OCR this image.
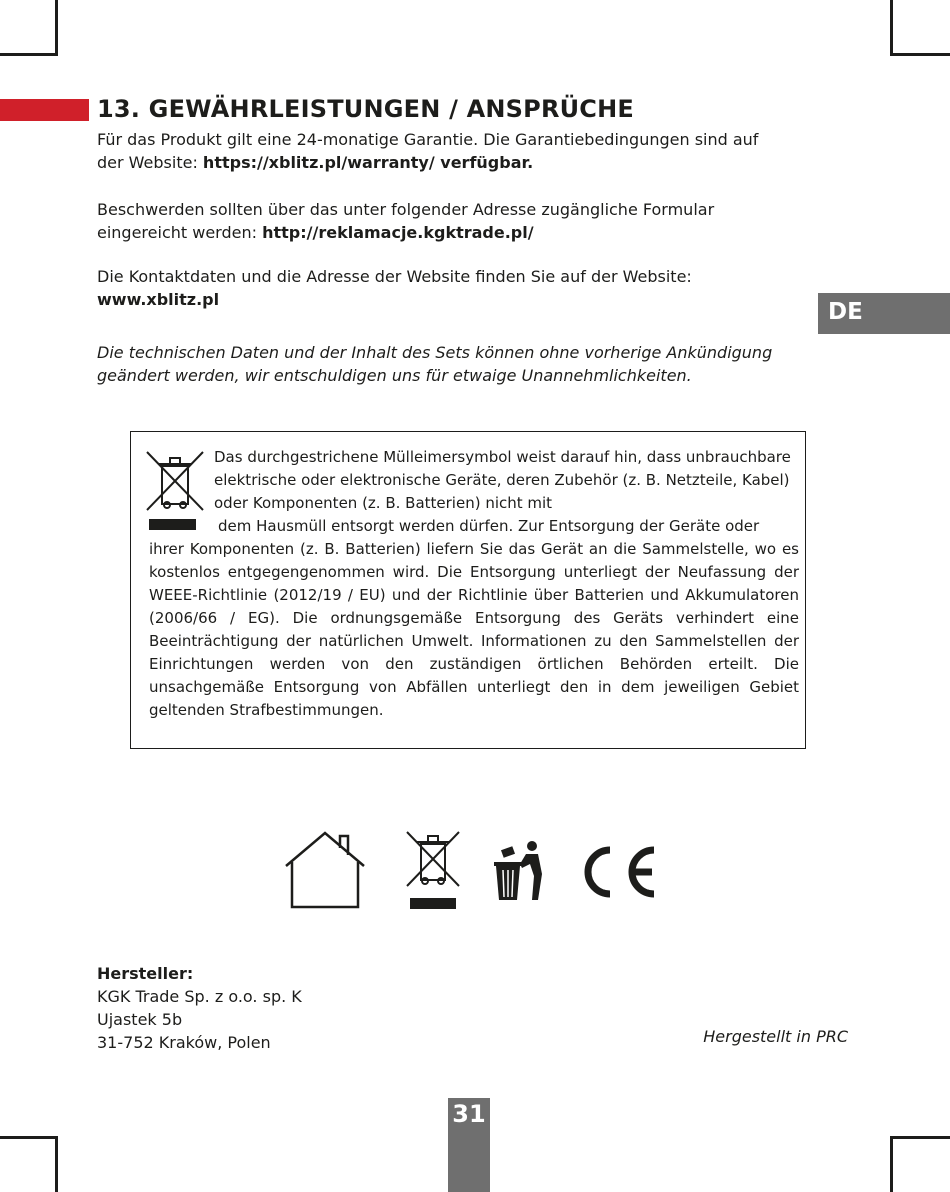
13. GEWÄHRLEISTUNGEN / ANSPRÜCHE

Für das Produkt gilt eine 24-monatige Garantie. Die Garantiebedingungen sind auf
der Website: https://xblitz.pl/warranty/ verfügbar.

Beschwerden sollten über das unter folgender Adresse zugängliche Formular
eingereicht werden: http://reklamacje.kgktrade.pl/

Die Kontaktdaten und die Adresse der Website finden Sie auf der Website:
www.xblitz.pl

Die technischen Daten und der Inhalt des Sets können ohne vorherige Ankündigung
geändert werden, wir entschuldigen uns für etwaige Unannehmlichkeiten.

DE

Das durchgestrichene Mülleimersymbol weist darauf hin, dass unbrauchbare elektrische oder elektronische Geräte, deren Zubehör (z. B. Netzteile, Kabel) oder Komponenten (z. B. Batterien) nicht mit

dem Hausmüll entsorgt werden dürfen. Zur Entsorgung der Geräte oder

ihrer Komponenten (z. B. Batterien) liefern Sie das Gerät an die Sammelstelle, wo es kostenlos entgegengenommen wird. Die Entsorgung unterliegt der Neufassung der WEEE-Richtlinie (2012/19 / EU) und der Richtlinie über Batterien und Akkumulatoren (2006/66 / EG). Die ordnungsgemäße Entsorgung des Geräts verhindert eine Beeinträchtigung der natürlichen Umwelt. Informationen zu den Sammelstellen der Einrichtungen werden von den zuständigen örtlichen Behörden erteilt. Die unsachgemäße Entsorgung von Abfällen unterliegt den in dem jeweiligen Gebiet geltenden Strafbestimmungen.

Hersteller:
KGK Trade Sp. z o.o. sp. K
Ujastek 5b
31-752 Kraków, Polen	Hergestellt in PRC
31
